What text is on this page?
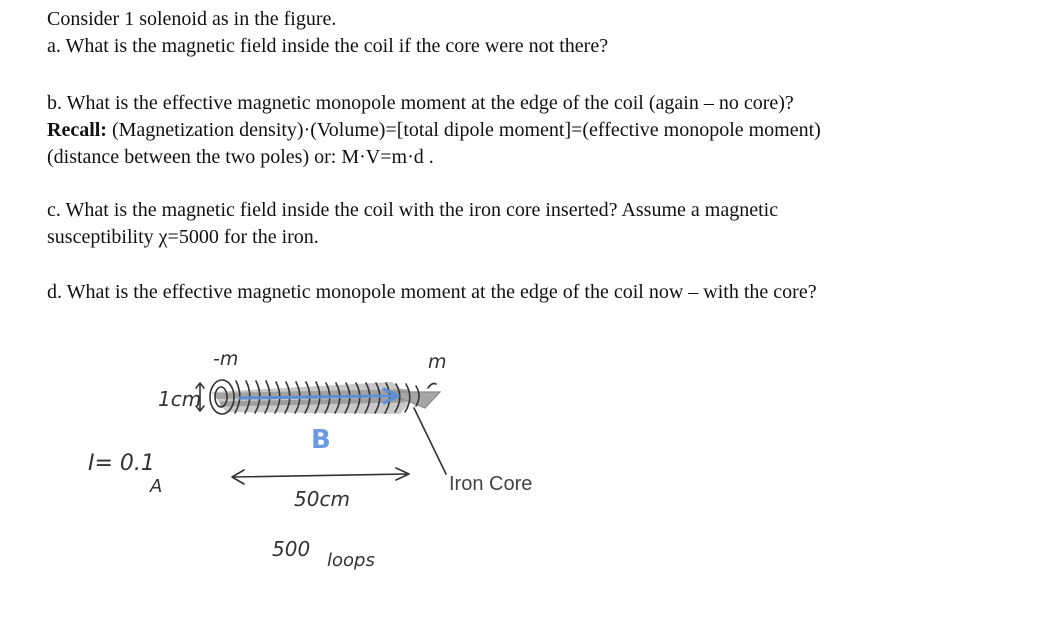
Consider 1 solenoid as in the figure.

a. What is the magnetic field inside the coil if the core were not there?

b. What is the effective magnetic monopole moment at the edge of the coil (again – no core)?

Recall: (Magnetization density)·(Volume)=[total dipole moment]=(effective monopole moment)

(distance between the two poles) or: M·V=m·d .

c. What is the magnetic field inside the coil with the iron core inserted? Assume a magnetic

susceptibility χ=5000 for the iron.

d. What is the effective magnetic monopole moment at the edge of the coil now – with the core?

1cm
-m	m
B
I= 0.1
A
50cm
500 loops
Iron Core
